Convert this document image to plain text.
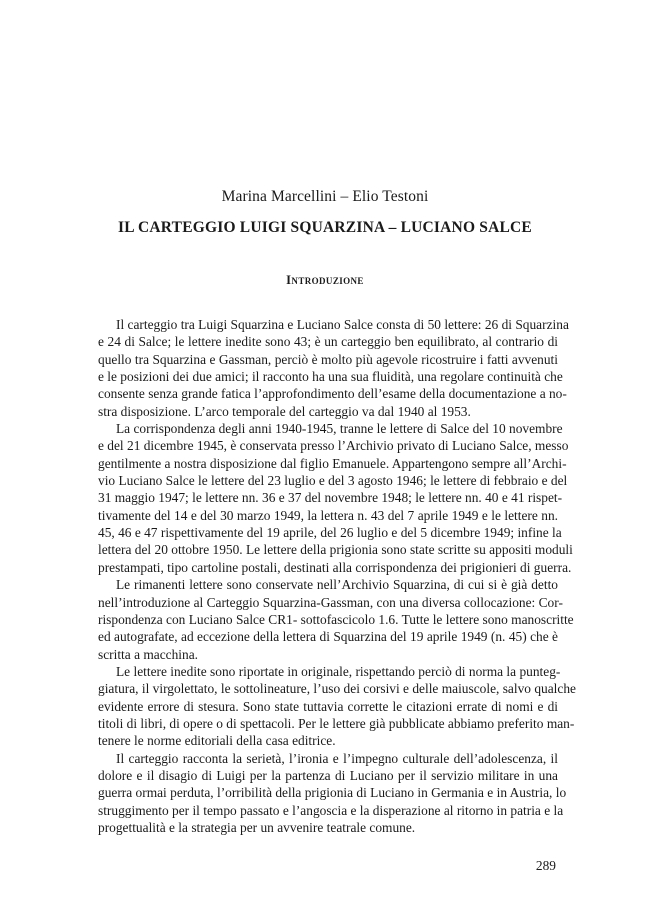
Marina Marcellini – Elio Testoni
IL CARTEGGIO LUIGI SQUARZINA – LUCIANO SALCE
Introduzione
Il carteggio tra Luigi Squarzina e Luciano Salce consta di 50 lettere: 26 di Squarzina
e 24 di Salce; le lettere inedite sono 43; è un carteggio ben equilibrato, al contrario di
quello tra Squarzina e Gassman, perciò è molto più agevole ricostruire i fatti avvenuti
e le posizioni dei due amici; il racconto ha una sua fluidità, una regolare continuità che
consente senza grande fatica l’approfondimento dell’esame della documentazione a no-
stra disposizione. L’arco temporale del carteggio va dal 1940 al 1953.
La corrispondenza degli anni 1940-1945, tranne le lettere di Salce del 10 novembre
e del 21 dicembre 1945, è conservata presso l’Archivio privato di Luciano Salce, messo
gentilmente a nostra disposizione dal figlio Emanuele. Appartengono sempre all’Archi-
vio Luciano Salce le lettere del 23 luglio e del 3 agosto 1946; le lettere di febbraio e del
31 maggio 1947; le lettere nn. 36 e 37 del novembre 1948; le lettere nn. 40 e 41 rispet-
tivamente del 14 e del 30 marzo 1949, la lettera n. 43 del 7 aprile 1949 e le lettere nn.
45, 46 e 47 rispettivamente del 19 aprile, del 26 luglio e del 5 dicembre 1949; infine la
lettera del 20 ottobre 1950. Le lettere della prigionia sono state scritte su appositi moduli
prestampati, tipo cartoline postali, destinati alla corrispondenza dei prigionieri di guerra.
Le rimanenti lettere sono conservate nell’Archivio Squarzina, di cui si è già detto
nell’introduzione al Carteggio Squarzina-Gassman, con una diversa collocazione: Cor-
rispondenza con Luciano Salce CR1- sottofascicolo 1.6. Tutte le lettere sono manoscritte
ed autografate, ad eccezione della lettera di Squarzina del 19 aprile 1949 (n. 45) che è
scritta a macchina.
Le lettere inedite sono riportate in originale, rispettando perciò di norma la punteg-
giatura, il virgolettato, le sottolineature, l’uso dei corsivi e delle maiuscole, salvo qualche
evidente errore di stesura. Sono state tuttavia corrette le citazioni errate di nomi e di
titoli di libri, di opere o di spettacoli. Per le lettere già pubblicate abbiamo preferito man-
tenere le norme editoriali della casa editrice.
Il carteggio racconta la serietà, l’ironia e l’impegno culturale dell’adolescenza, il
dolore e il disagio di Luigi per la partenza di Luciano per il servizio militare in una
guerra ormai perduta, l’orribilità della prigionia di Luciano in Germania e in Austria, lo
struggimento per il tempo passato e l’angoscia e la disperazione al ritorno in patria e la
progettualità e la strategia per un avvenire teatrale comune.
289
